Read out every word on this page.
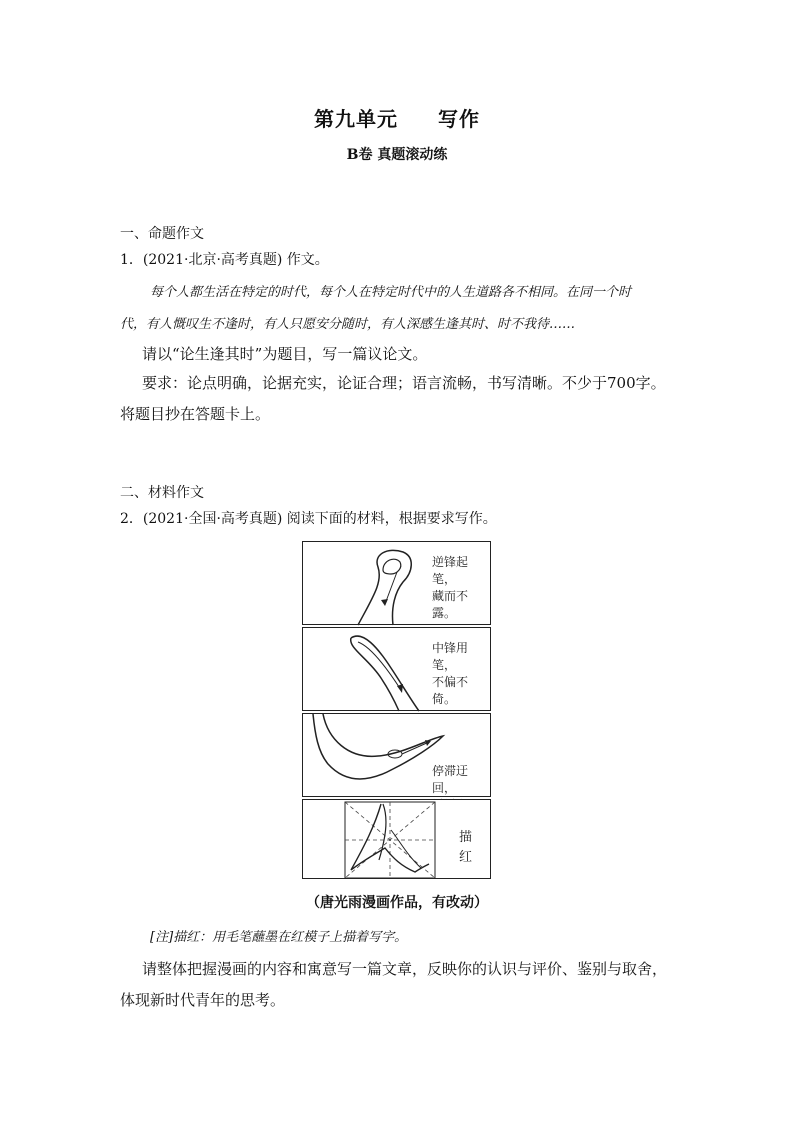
第九单元 写作
B卷 真题滚动练
一、命题作文
1．(2021·北京·高考真题) 作文。
每个人都生活在特定的时代，每个人在特定时代中的人生道路各不相同。在同一个时
代，有人慨叹生不逢时，有人只愿安分随时，有人深感生逢其时、时不我待……
请以“论生逢其时”为题目，写一篇议论文。
要求：论点明确，论据充实，论证合理；语言流畅，书写清晰。不少于700字。将题目抄在答题卡上。
二、材料作文
2．(2021·全国·高考真题) 阅读下面的材料，根据要求写作。
逆锋起笔，
藏而不露。
中锋用笔，
不偏不倚。
停滞迂回，
描
红
（唐光雨漫画作品，有改动）
[注]描红：用毛笔蘸墨在红模子上描着写字。
请整体把握漫画的内容和寓意写一篇文章，反映你的认识与评价、鉴别与取舍，体现新时代青年的思考。
